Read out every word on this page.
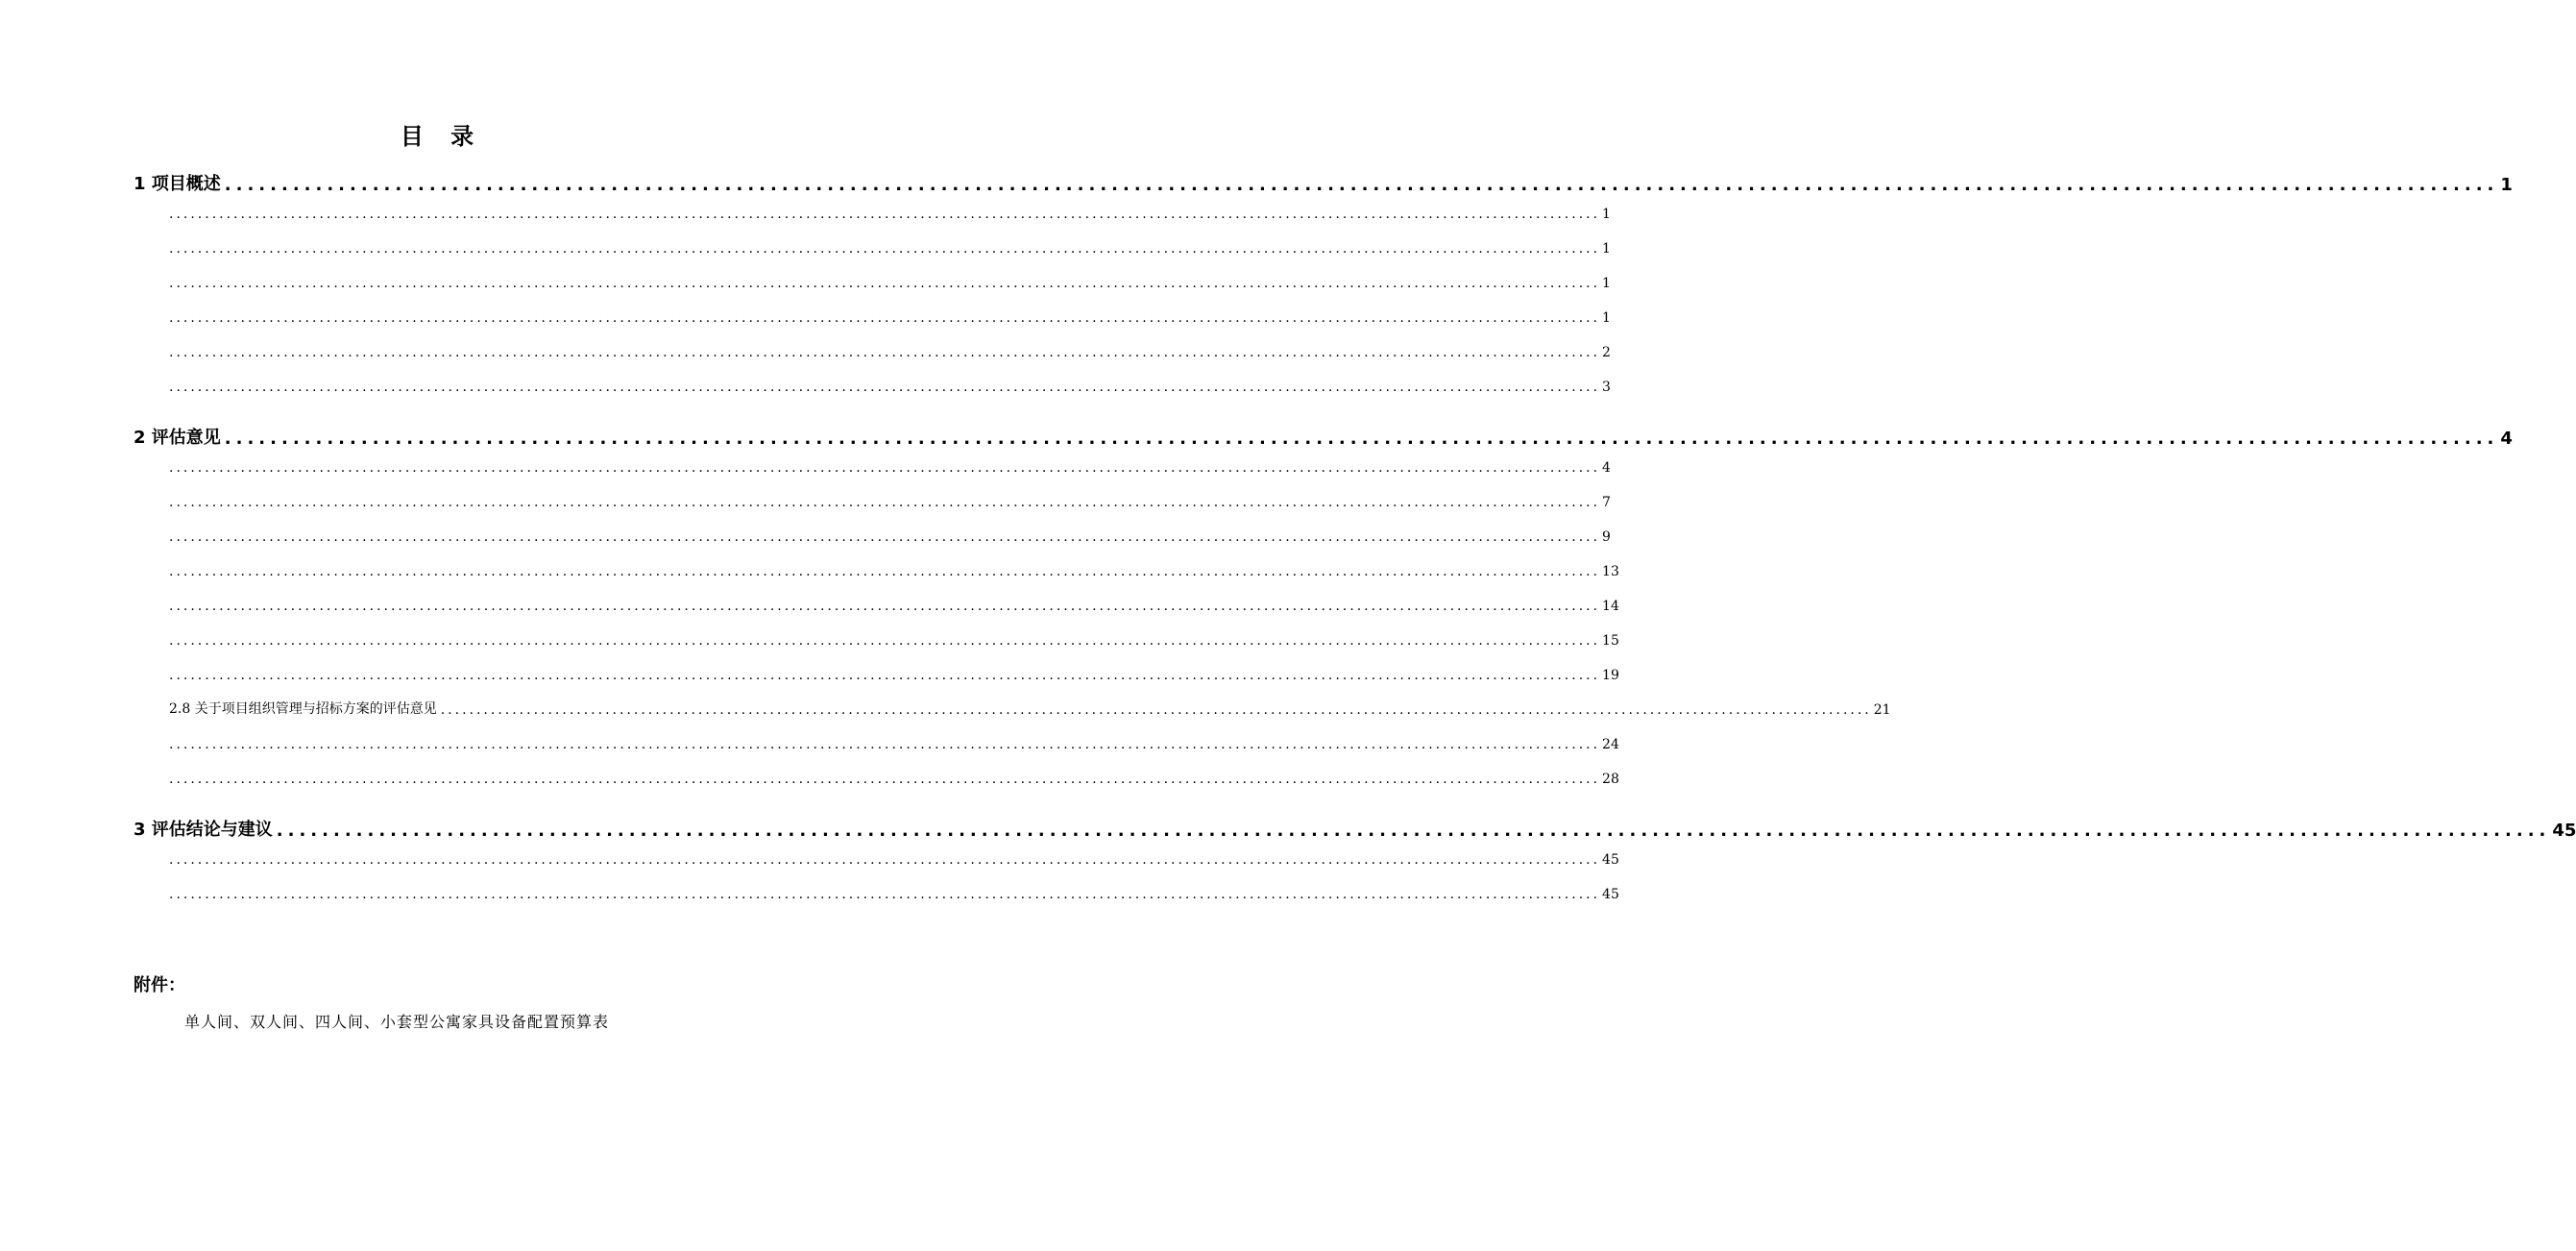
目 录
1 项目概述 ........................................................................................................................................................................................................ 1
........................................................................................................................................................................................................ 1
........................................................................................................................................................................................................ 1
........................................................................................................................................................................................................ 1
........................................................................................................................................................................................................ 1
........................................................................................................................................................................................................ 2
........................................................................................................................................................................................................ 3
2 评估意见 ........................................................................................................................................................................................................ 4
........................................................................................................................................................................................................ 4
........................................................................................................................................................................................................ 7
........................................................................................................................................................................................................ 9
........................................................................................................................................................................................................ 13
........................................................................................................................................................................................................ 14
........................................................................................................................................................................................................ 15
........................................................................................................................................................................................................ 19
2.8 关于项目组织管理与招标方案的评估意见 ........................................................................................................................................................................................................ 21
........................................................................................................................................................................................................ 24
........................................................................................................................................................................................................ 28
3 评估结论与建议 ........................................................................................................................................................................................................ 45
........................................................................................................................................................................................................ 45
........................................................................................................................................................................................................ 45
附件：
单人间、双人间、四人间、小套型公寓家具设备配置预算表
